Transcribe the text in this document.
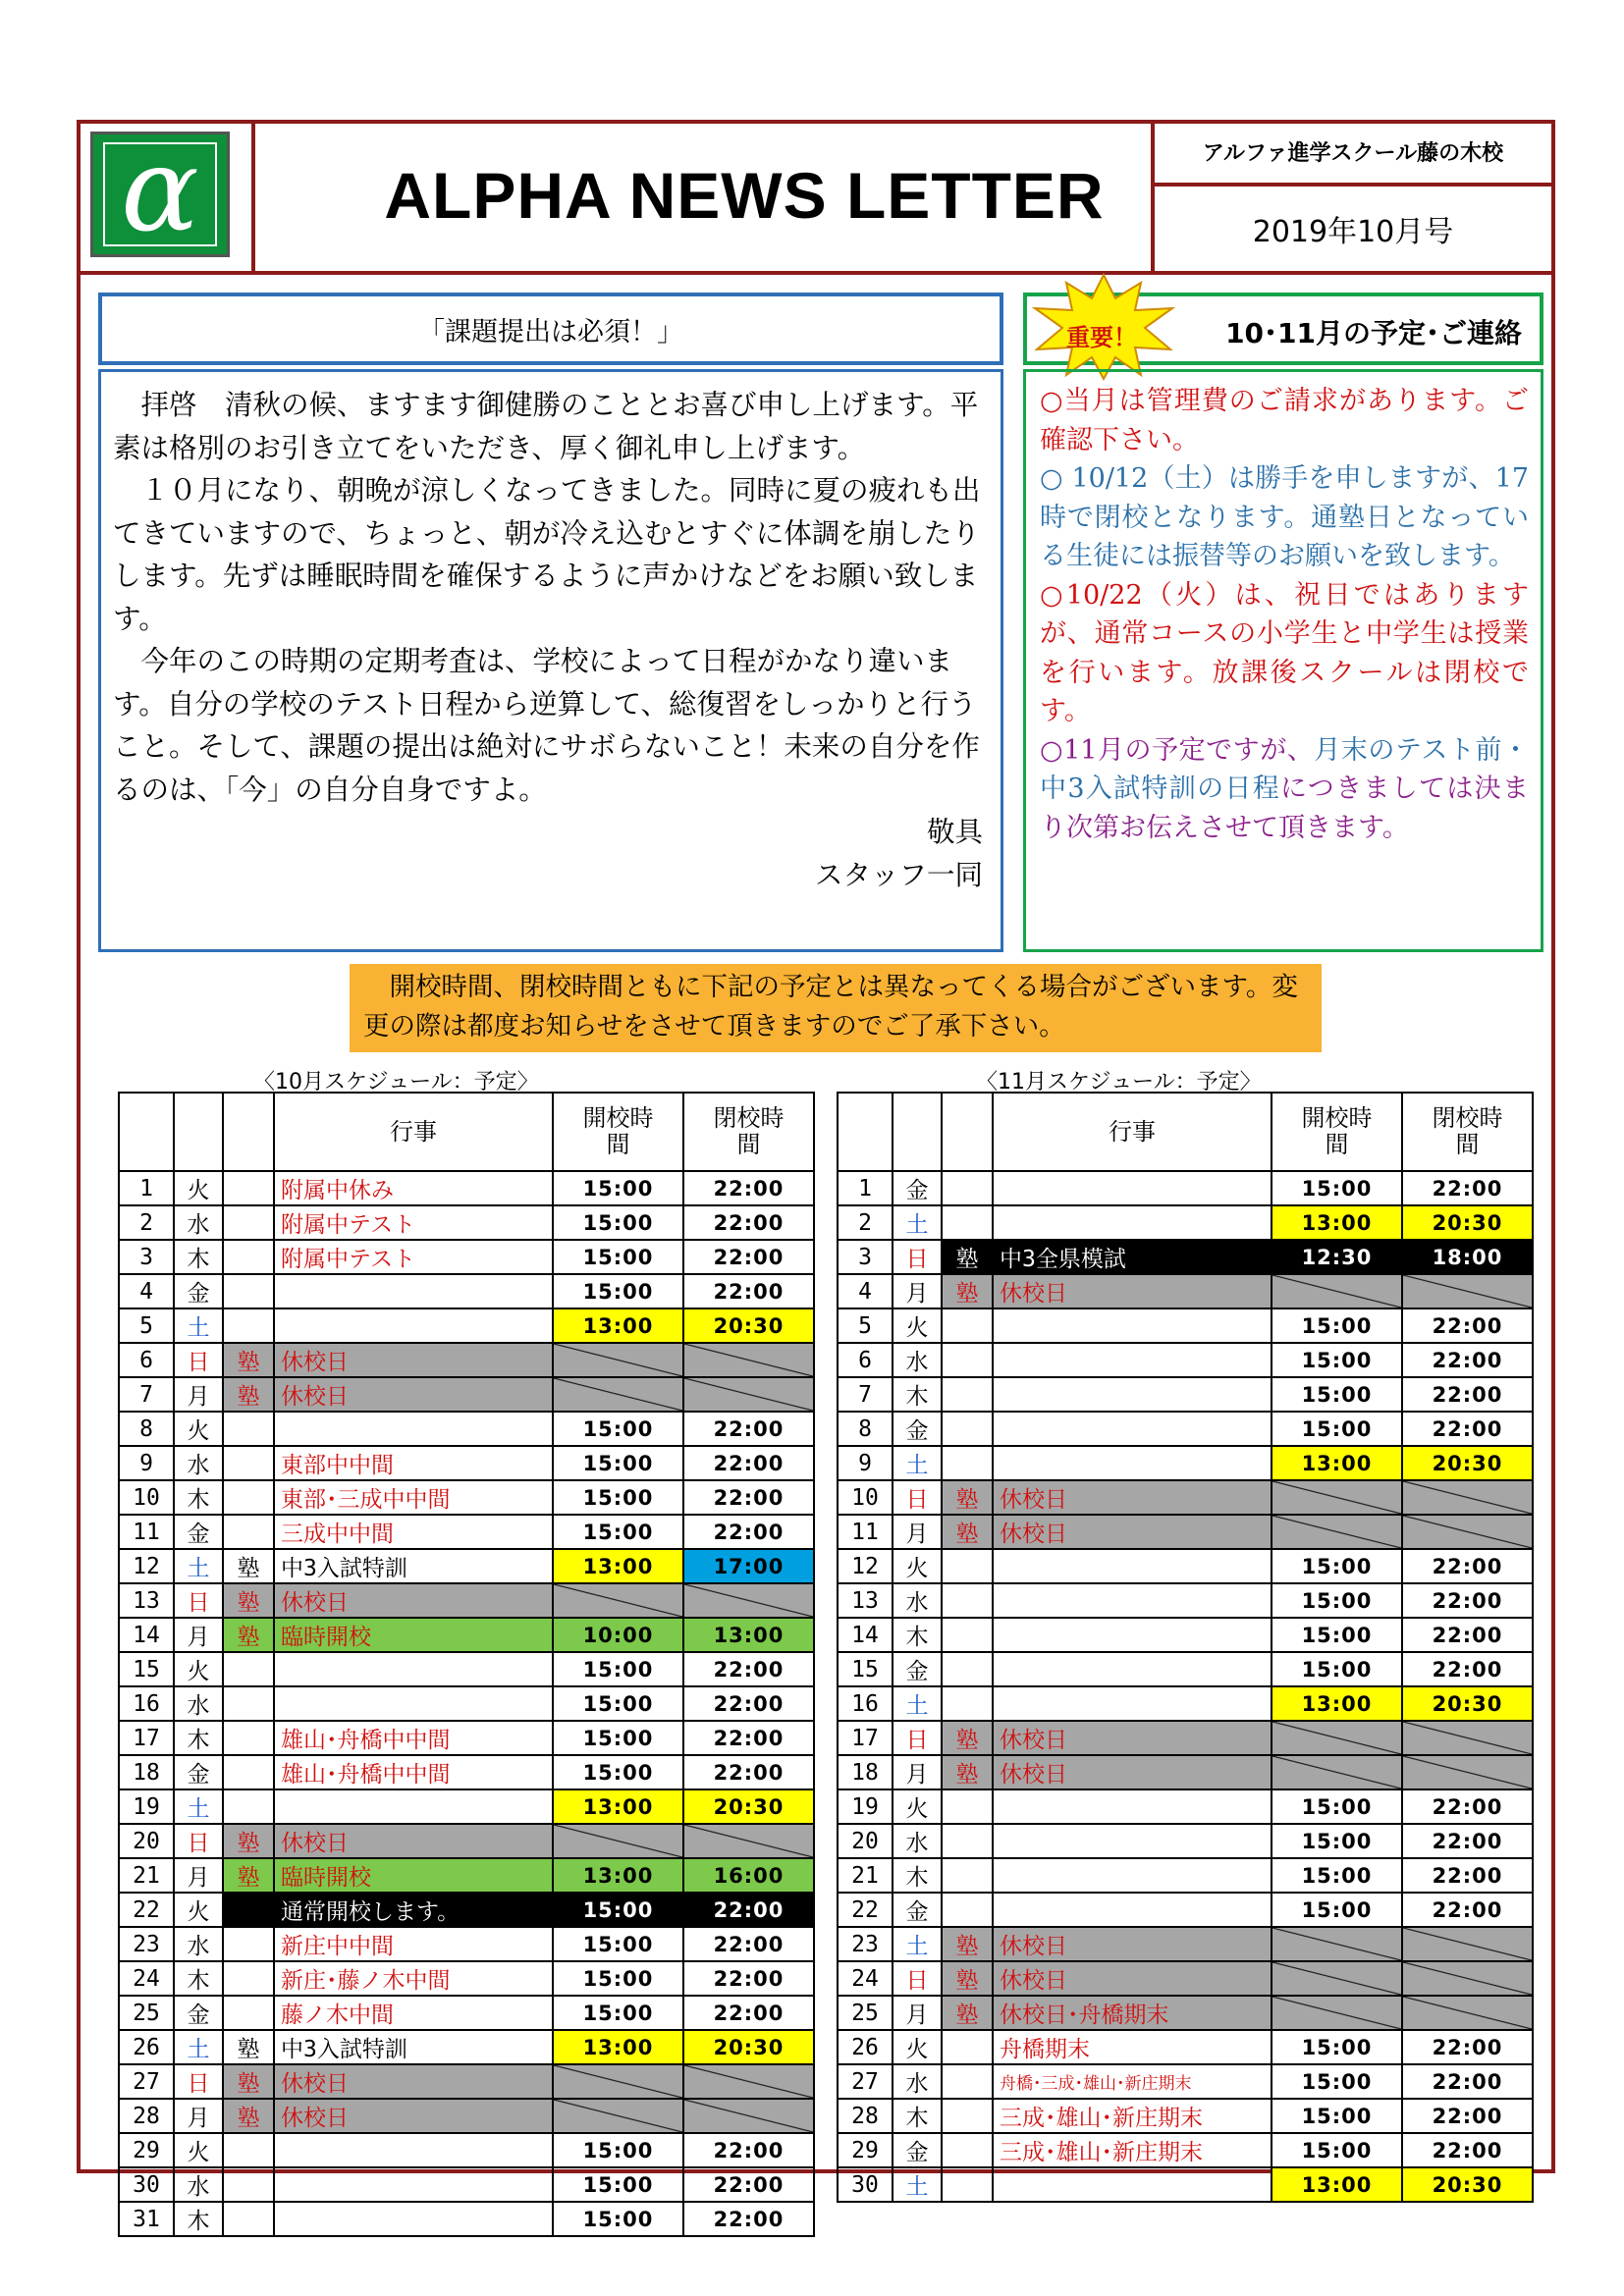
α	ALPHA NEWS LETTER
アルファ進学スクール藤の木校
2019年10月号
「課題提出は必須！」

拝啓　清秋の候、ますます御健勝のこととお喜び申し上げます。平素は格別のお引き立てをいただき、厚く御礼申し上げます。

１０月になり、朝晩が涼しくなってきました。同時に夏の疲れも出てきていますので、ちょっと、朝が冷え込むとすぐに体調を崩したりします。先ずは睡眠時間を確保するように声かけなどをお願い致します。

今年のこの時期の定期考査は、学校によって日程がかなり違います。自分の学校のテスト日程から逆算して、総復習をしっかりと行うこと。そして、課題の提出は絶対にサボらないこと！未来の自分を作るのは、「今」の自分自身ですよ。

敬具

スタッフ一同

重要！	10･11月の予定･ご連絡

○当月は管理費のご請求があります。ご確認下さい。

○ 10/12（土）は勝手を申しますが、17時で閉校となります。通塾日となっている生徒には振替等のお願いを致します。

○10/22（火）は、祝日ではありますが、通常コースの小学生と中学生は授業を行います。放課後スクールは閉校です。

○11月の予定ですが、月末のテスト前・中3入試特訓の日程につきましては決まり次第お伝えさせて頂きます。

開校時間、閉校時間ともに下記の予定とは異なってくる場合がございます。変更の際は都度お知らせをさせて頂きますのでご了承下さい。

〈10月スケジュール：予定〉	〈11月スケジュール：予定〉
			行事	開校時間	閉校時間
1	火		附属中休み	15:00	22:00
2	水		附属中テスト	15:00	22:00
3	木		附属中テスト	15:00	22:00
4	金			15:00	22:00
5	土			13:00	20:30
6	日	塾	休校日		
7	月	塾	休校日		
8	火			15:00	22:00
9	水		東部中中間	15:00	22:00
10	木		東部･三成中中間	15:00	22:00
11	金		三成中中間	15:00	22:00
12	土	塾	中3入試特訓	13:00	17:00
13	日	塾	休校日		
14	月	塾	臨時開校	10:00	13:00
15	火			15:00	22:00
16	水			15:00	22:00
17	木		雄山･舟橋中中間	15:00	22:00
18	金		雄山･舟橋中中間	15:00	22:00
19	土			13:00	20:30
20	日	塾	休校日		
21	月	塾	臨時開校	13:00	16:00
22	火		通常開校します。	15:00	22:00
23	水		新庄中中間	15:00	22:00
24	木		新庄･藤ノ木中間	15:00	22:00
25	金		藤ノ木中間	15:00	22:00
26	土	塾	中3入試特訓	13:00	20:30
27	日	塾	休校日		
28	月	塾	休校日		
29	火			15:00	22:00
30	水			15:00	22:00
31	木			15:00	22:00
			行事	開校時間	閉校時間
1	金			15:00	22:00
2	土			13:00	20:30
3	日	塾	中3全県模試	12:30	18:00
4	月	塾	休校日		
5	火			15:00	22:00
6	水			15:00	22:00
7	木			15:00	22:00
8	金			15:00	22:00
9	土			13:00	20:30
10	日	塾	休校日		
11	月	塾	休校日		
12	火			15:00	22:00
13	水			15:00	22:00
14	木			15:00	22:00
15	金			15:00	22:00
16	土			13:00	20:30
17	日	塾	休校日		
18	月	塾	休校日		
19	火			15:00	22:00
20	水			15:00	22:00
21	木			15:00	22:00
22	金			15:00	22:00
23	土	塾	休校日		
24	日	塾	休校日		
25	月	塾	休校日･舟橋期末		
26	火		舟橋期末	15:00	22:00
27	水		舟橋･三成･雄山･新庄期末	15:00	22:00
28	木		三成･雄山･新庄期末	15:00	22:00
29	金		三成･雄山･新庄期末	15:00	22:00
30	土			13:00	20:30
